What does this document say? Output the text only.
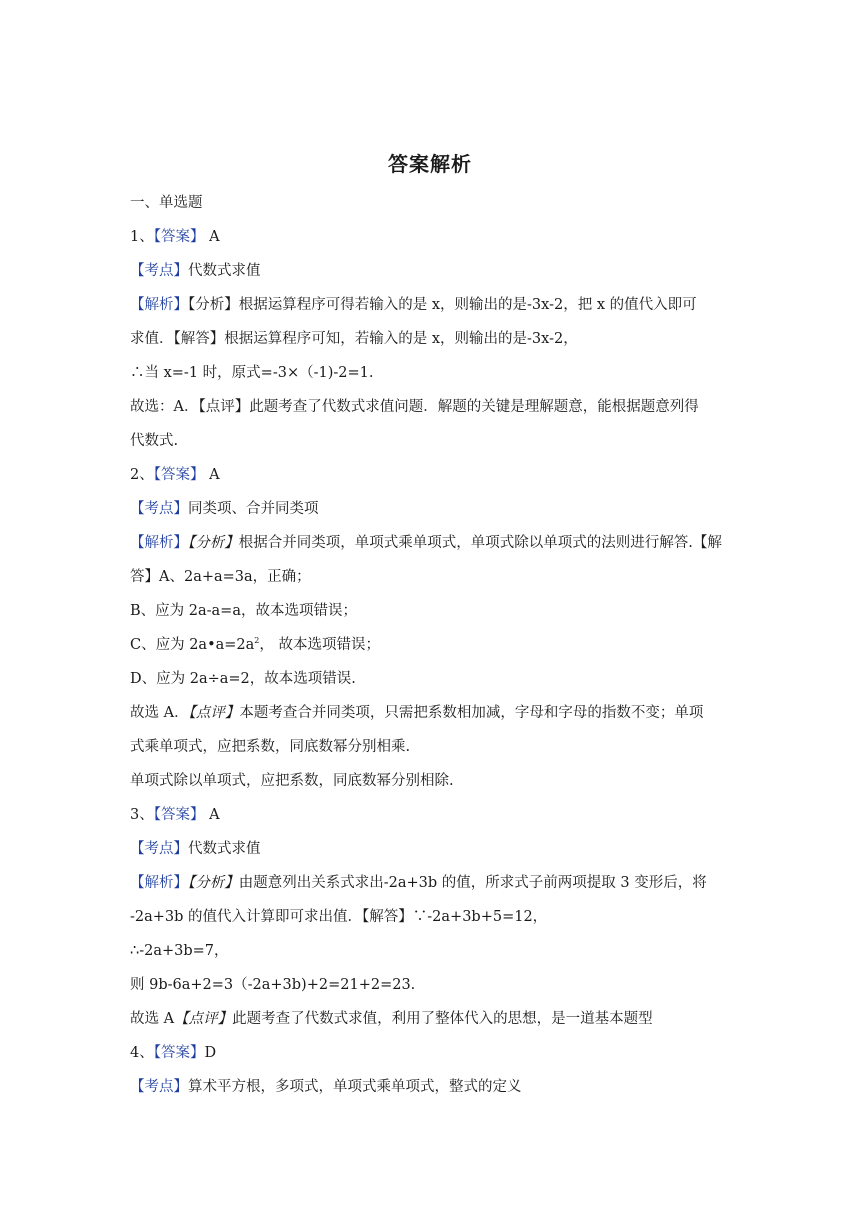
答案解析
一、单选题
1、【答案】 A
【考点】代数式求值
【解析】【分析】根据运算程序可得若输入的是 x，则输出的是-3x-2，把 x 的值代入即可
求值．【解答】根据运算程序可知，若输入的是 x，则输出的是-3x-2，
∴当 x=-1 时，原式=-3×（-1)-2=1.
故选：A．【点评】此题考查了代数式求值问题．解题的关键是理解题意，能根据题意列得
代数式.
2、【答案】 A
【考点】同类项、合并同类项
【解析】【分析】根据合并同类项，单项式乘单项式，单项式除以单项式的法则进行解答.【解
答】A、2a+a=3a，正确；
B、应为 2a-a=a，故本选项错误；
C、应为 $2a•a=2a^2$， 故本选项错误；
D、应为 2a÷a=2，故本选项错误.
故选 A．【点评】本题考查合并同类项，只需把系数相加减，字母和字母的指数不变；单项
式乘单项式，应把系数，同底数幂分别相乘.
单项式除以单项式，应把系数，同底数幂分别相除.
3、【答案】 A
【考点】代数式求值
【解析】【分析】由题意列出关系式求出-2a+3b 的值，所求式子前两项提取 3 变形后，将
-2a+3b 的值代入计算即可求出值．【解答】∵-2a+3b+5=12，
∴-2a+3b=7，
则 9b-6a+2=3（-2a+3b)+2=21+2=23.
故选 A【点评】此题考查了代数式求值，利用了整体代入的思想，是一道基本题型
4、【答案】D
【考点】算术平方根，多项式，单项式乘单项式，整式的定义
